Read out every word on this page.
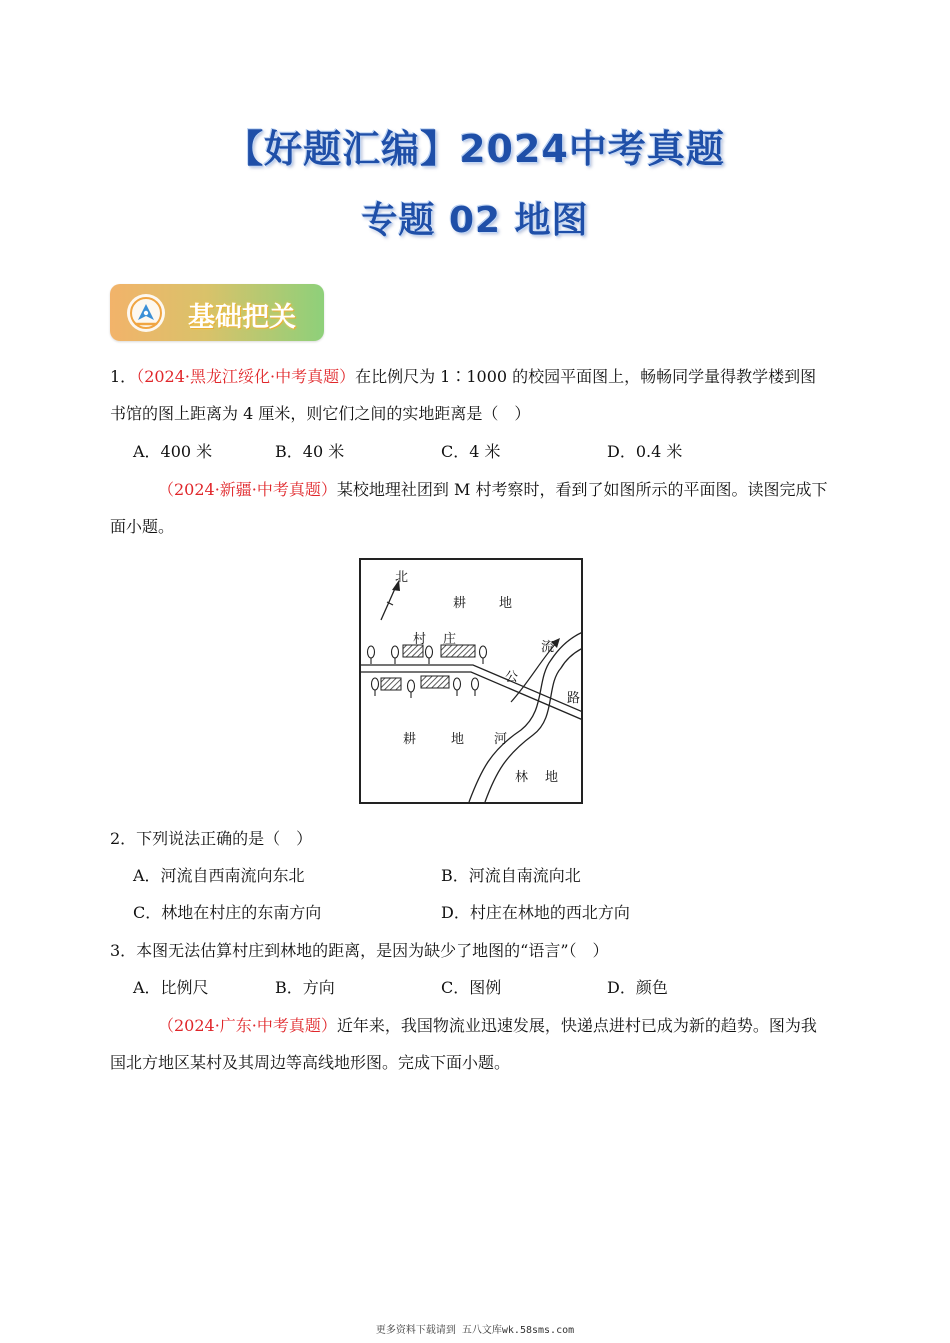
【好题汇编】2024中考真题
专题 02 地图
基础把关
1．（2024·黑龙江绥化·中考真题）在比例尺为 1∶1000 的校园平面图上，畅畅同学量得教学楼到图
书馆的图上距离为 4 厘米，则它们之间的实地距离是（　）
A．400 米	B．40 米	C．4 米	D．0.4 米
（2024·新疆·中考真题）某校地理社团到 M 村考察时，看到了如图所示的平面图。读图完成下
面小题。
北
耕	地
村 庄
流
公
路
耕	地 河
林 地
2．下列说法正确的是（　）
A．河流自西南流向东北	B．河流自南流向北
C．林地在村庄的东南方向	D．村庄在林地的西北方向
3．本图无法估算村庄到林地的距离，是因为缺少了地图的“语言”（　）
A．比例尺	B．方向	C．图例	D．颜色
（2024·广东·中考真题）近年来，我国物流业迅速发展，快递点进村已成为新的趋势。图为我
国北方地区某村及其周边等高线地形图。完成下面小题。
更多资料下载请到 五八文库wk.58sms.com
